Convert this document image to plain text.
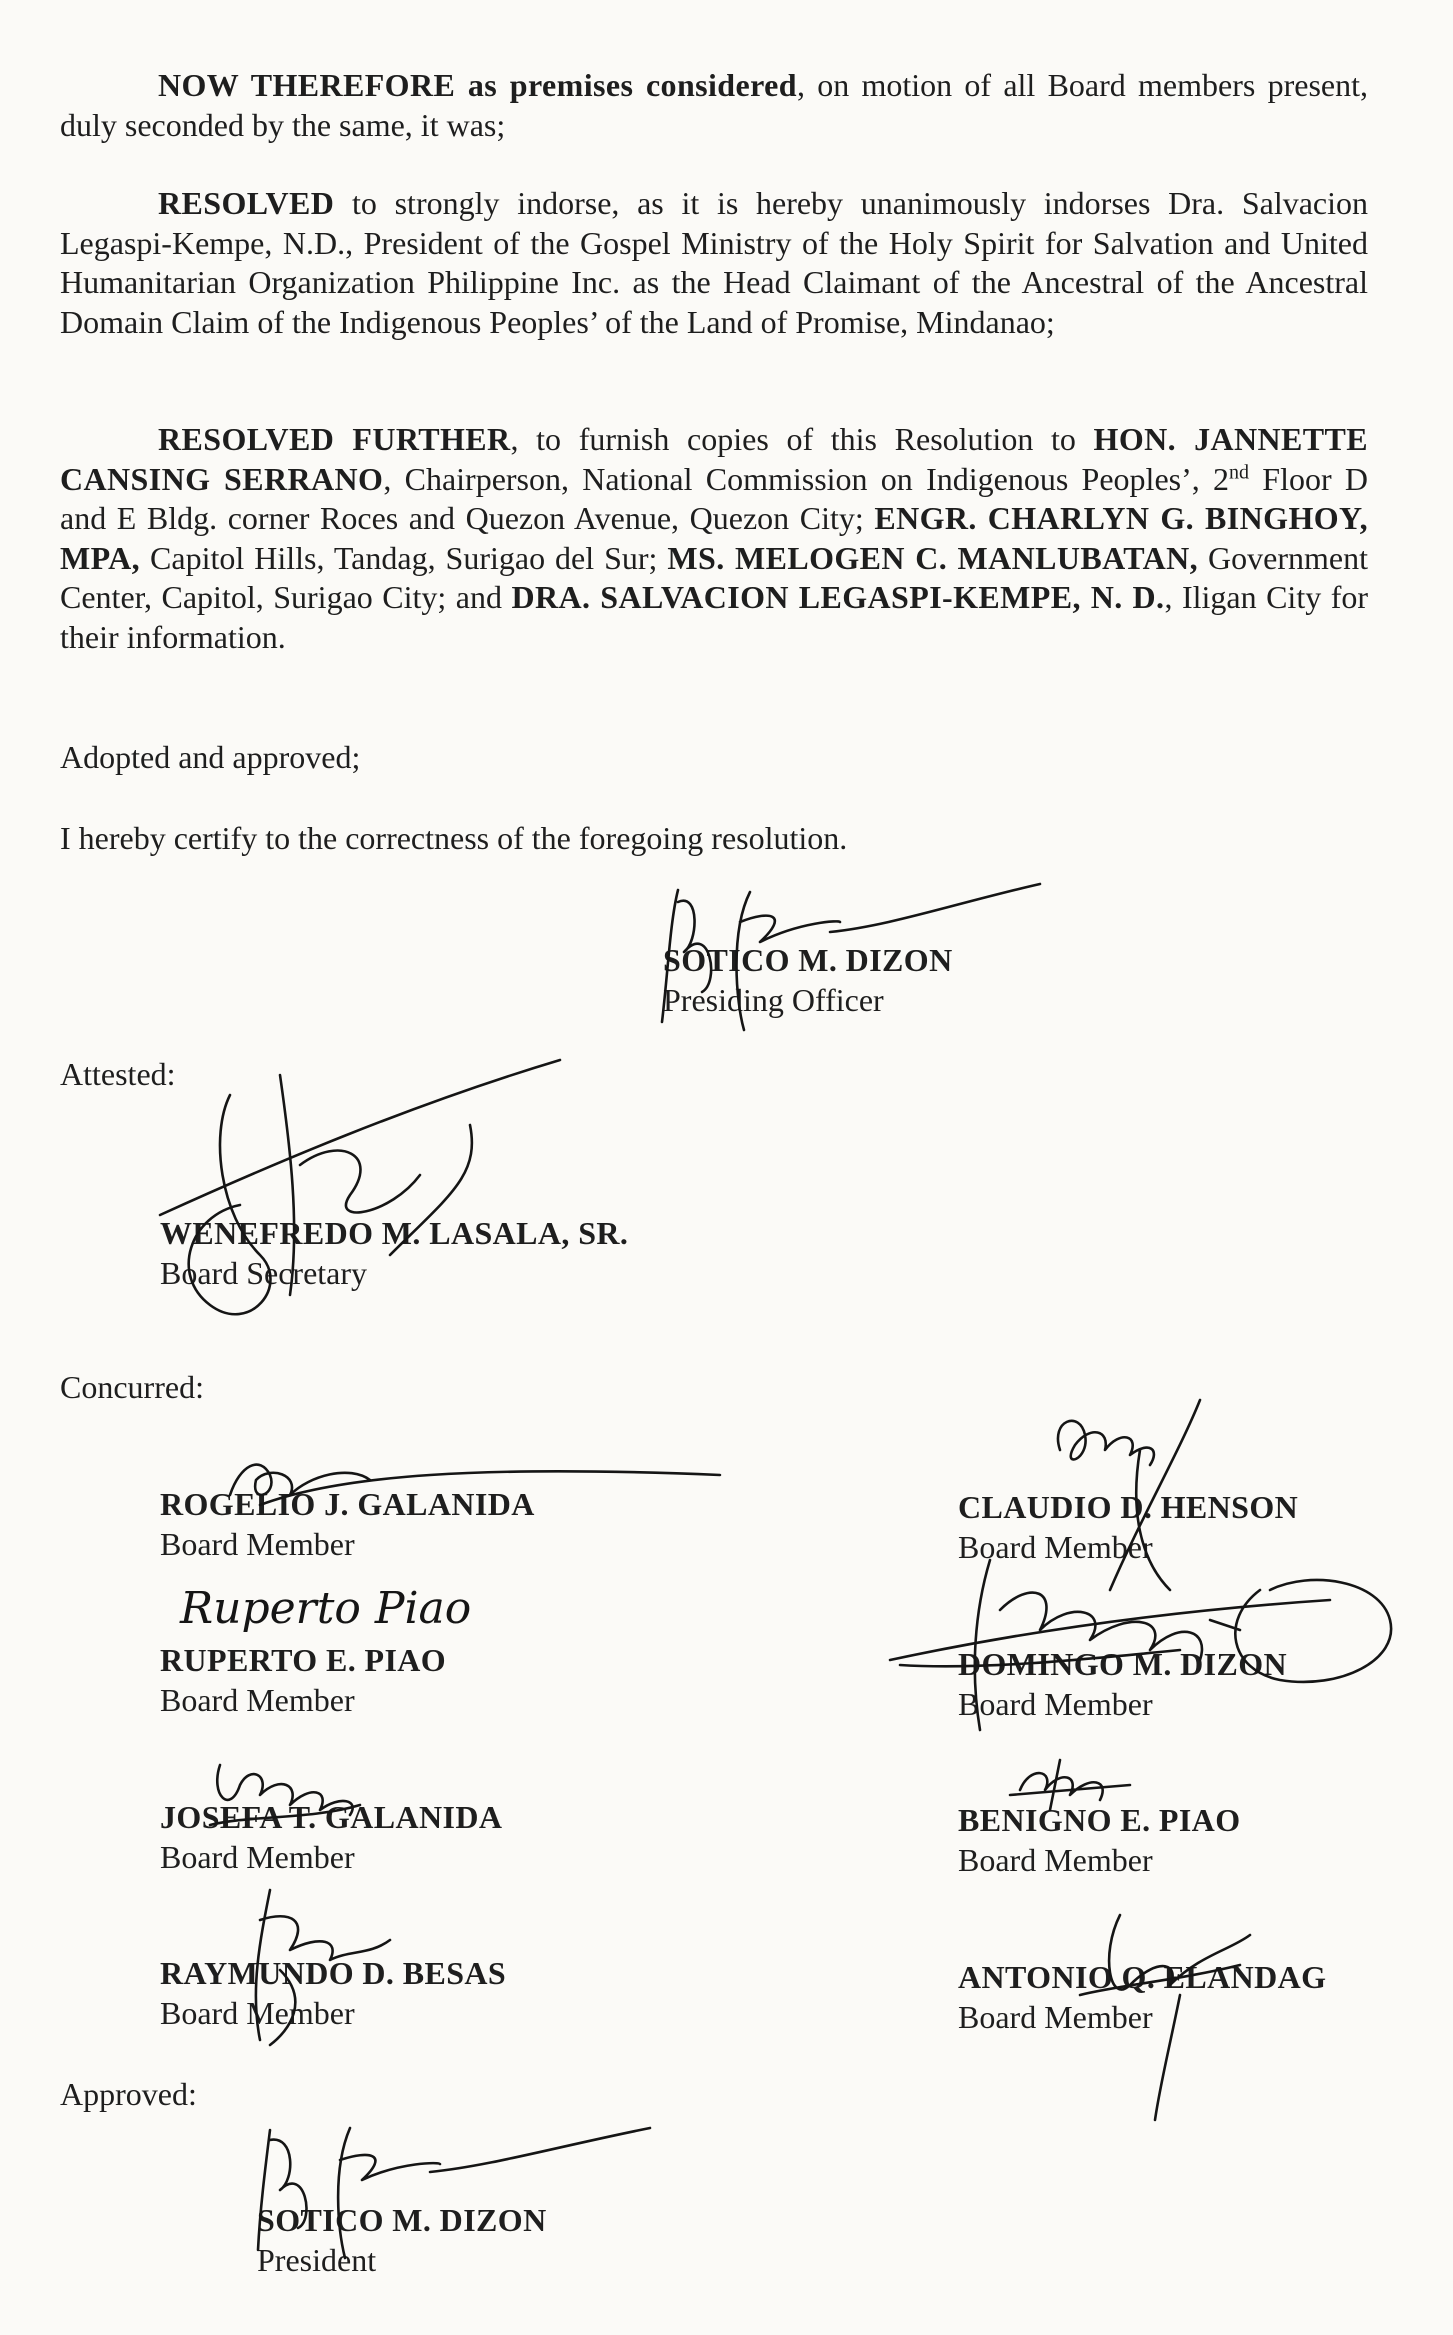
NOW THEREFORE as premises considered, on motion of all Board members present, duly seconded by the same, it was;
RESOLVED to strongly indorse, as it is hereby unanimously indorses Dra. Salvacion Legaspi-Kempe, N.D., President of the Gospel Ministry of the Holy Spirit for Salvation and United Humanitarian Organization Philippine Inc. as the Head Claimant of the Ancestral of the Ancestral Domain Claim of the Indigenous Peoples’ of the Land of Promise, Mindanao;
RESOLVED FURTHER, to furnish copies of this Resolution to HON. JANNETTE CANSING SERRANO, Chairperson, National Commission on Indigenous Peoples’, 2nd Floor D and E Bldg. corner Roces and Quezon Avenue, Quezon City; ENGR. CHARLYN G. BINGHOY, MPA, Capitol Hills, Tandag, Surigao del Sur; MS. MELOGEN C. MANLUBATAN, Government Center, Capitol, Surigao City; and DRA. SALVACION LEGASPI-KEMPE, N. D., Iligan City for their information.
Adopted and approved;
I hereby certify to the correctness of the foregoing resolution.
SOTICO M. DIZON
Presiding Officer
Attested:
WENEFREDO M. LASALA, SR.
Board Secretary
Concurred:
ROGELIO J. GALANIDA
Board Member
RUPERTO E. PIAO
Board Member
Ruperto Piao
JOSEFA T. GALANIDA
Board Member
RAYMUNDO D. BESAS
Board Member
CLAUDIO D. HENSON
Board Member
DOMINGO M. DIZON
Board Member
BENIGNO E. PIAO
Board Member
ANTONIO Q. ELANDAG
Board Member
Approved:
SOTICO M. DIZON
President
